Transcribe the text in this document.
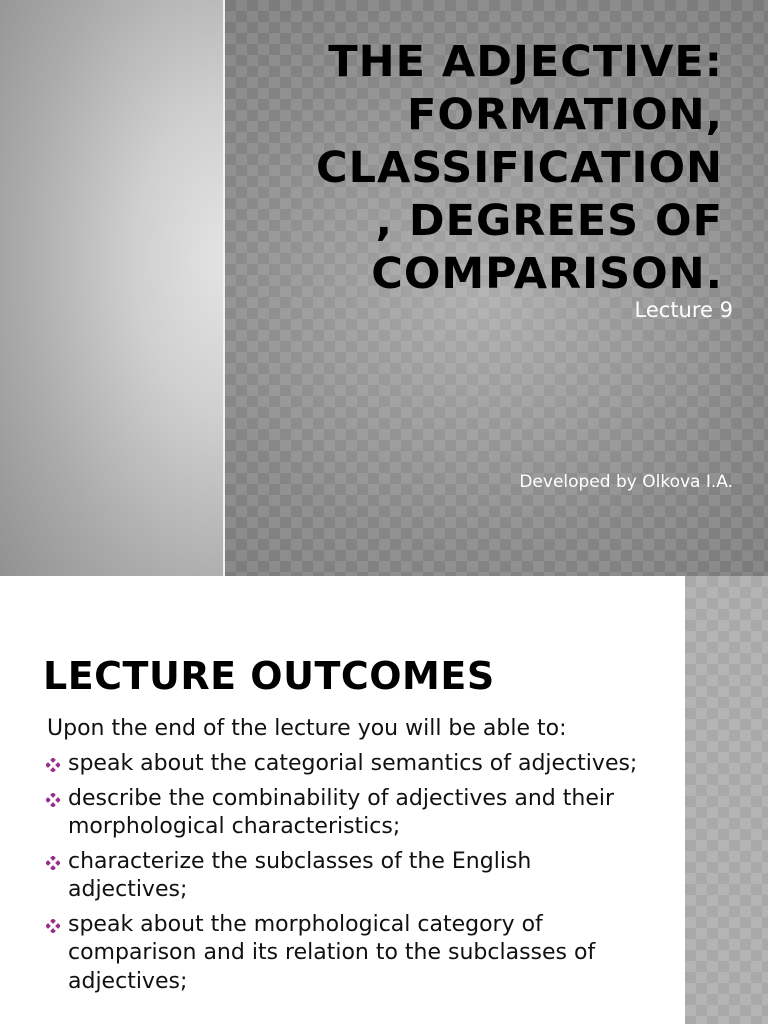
THE ADJECTIVE:
FORMATION,
CLASSIFICATION
, DEGREES OF
COMPARISON.

Lecture 9

Developed by Olkova I.A.

LECTURE OUTCOMES

Upon the end of the lecture you will be able to:

speak about the categorial semantics of adjectives;
describe the combinability of adjectives and their morphological characteristics;
characterize the subclasses of the English adjectives;
speak about the morphological category of comparison and its relation to the subclasses of adjectives;
